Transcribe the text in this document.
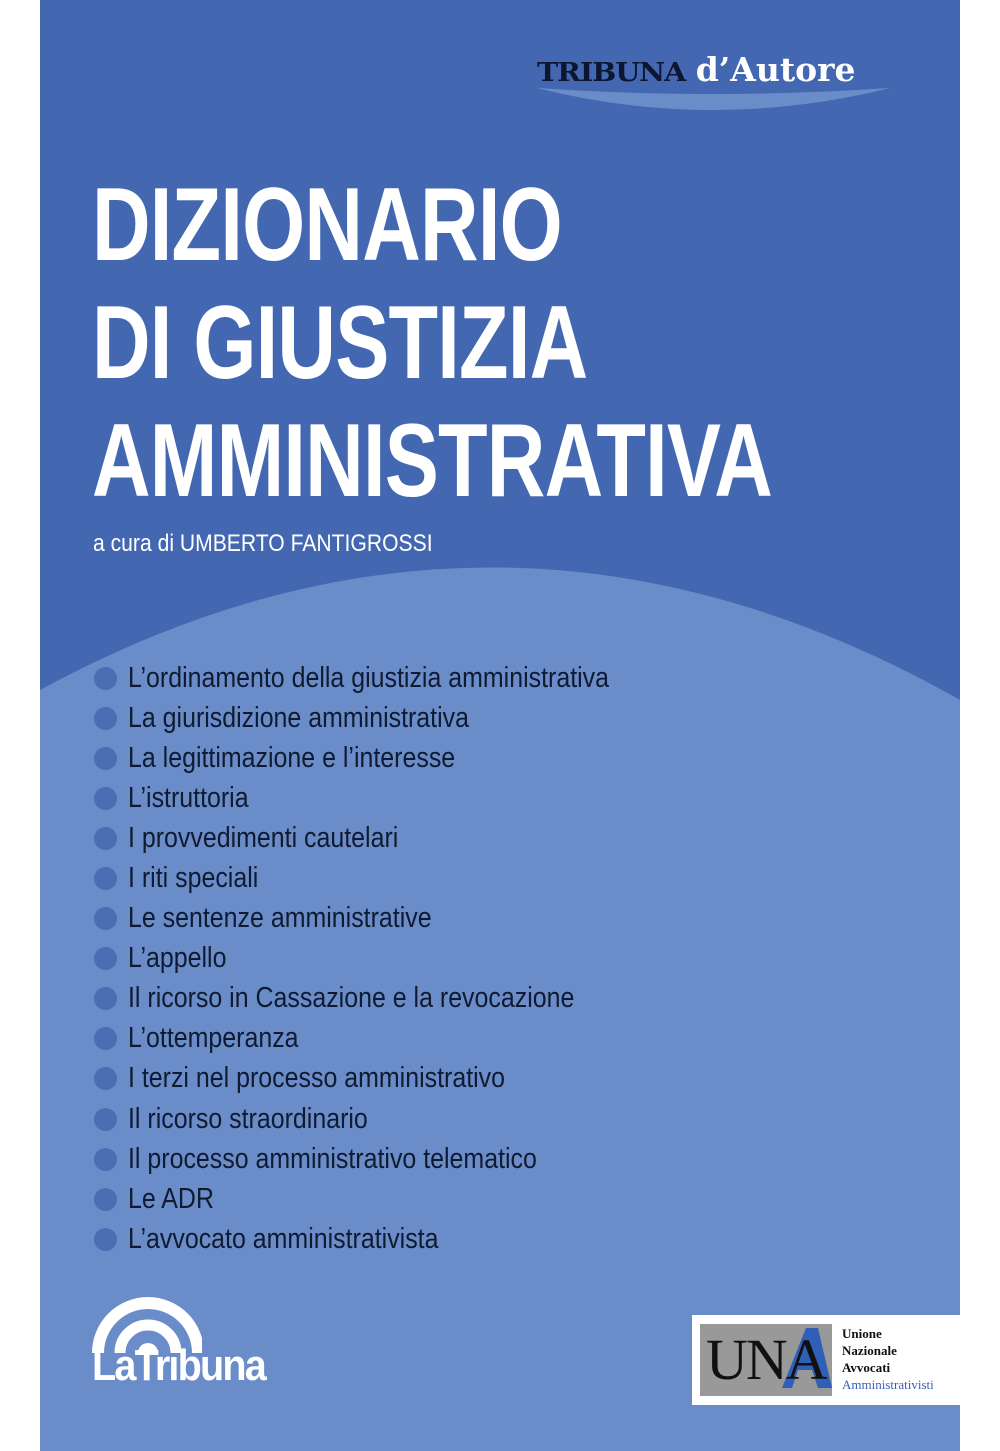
TRIBUNA d’Autore
DIZIONARIO
DI GIUSTIZIA
AMMINISTRATIVA
a cura di UMBERTO FANTIGROSSI
L’ordinamento della giustizia amministrativa
La giurisdizione amministrativa
La legittimazione e l’interesse
L’istruttoria
I provvedimenti cautelari
I riti speciali
Le sentenze amministrative
L’appello
Il ricorso in Cassazione e la revocazione
L’ottemperanza
I terzi nel processo amministrativo
Il ricorso straordinario
Il processo amministrativo telematico
Le ADR
L’avvocato amministrativista
LaTribuna	UNA Unione
Nazionale
Avvocati
Amministrativisti
